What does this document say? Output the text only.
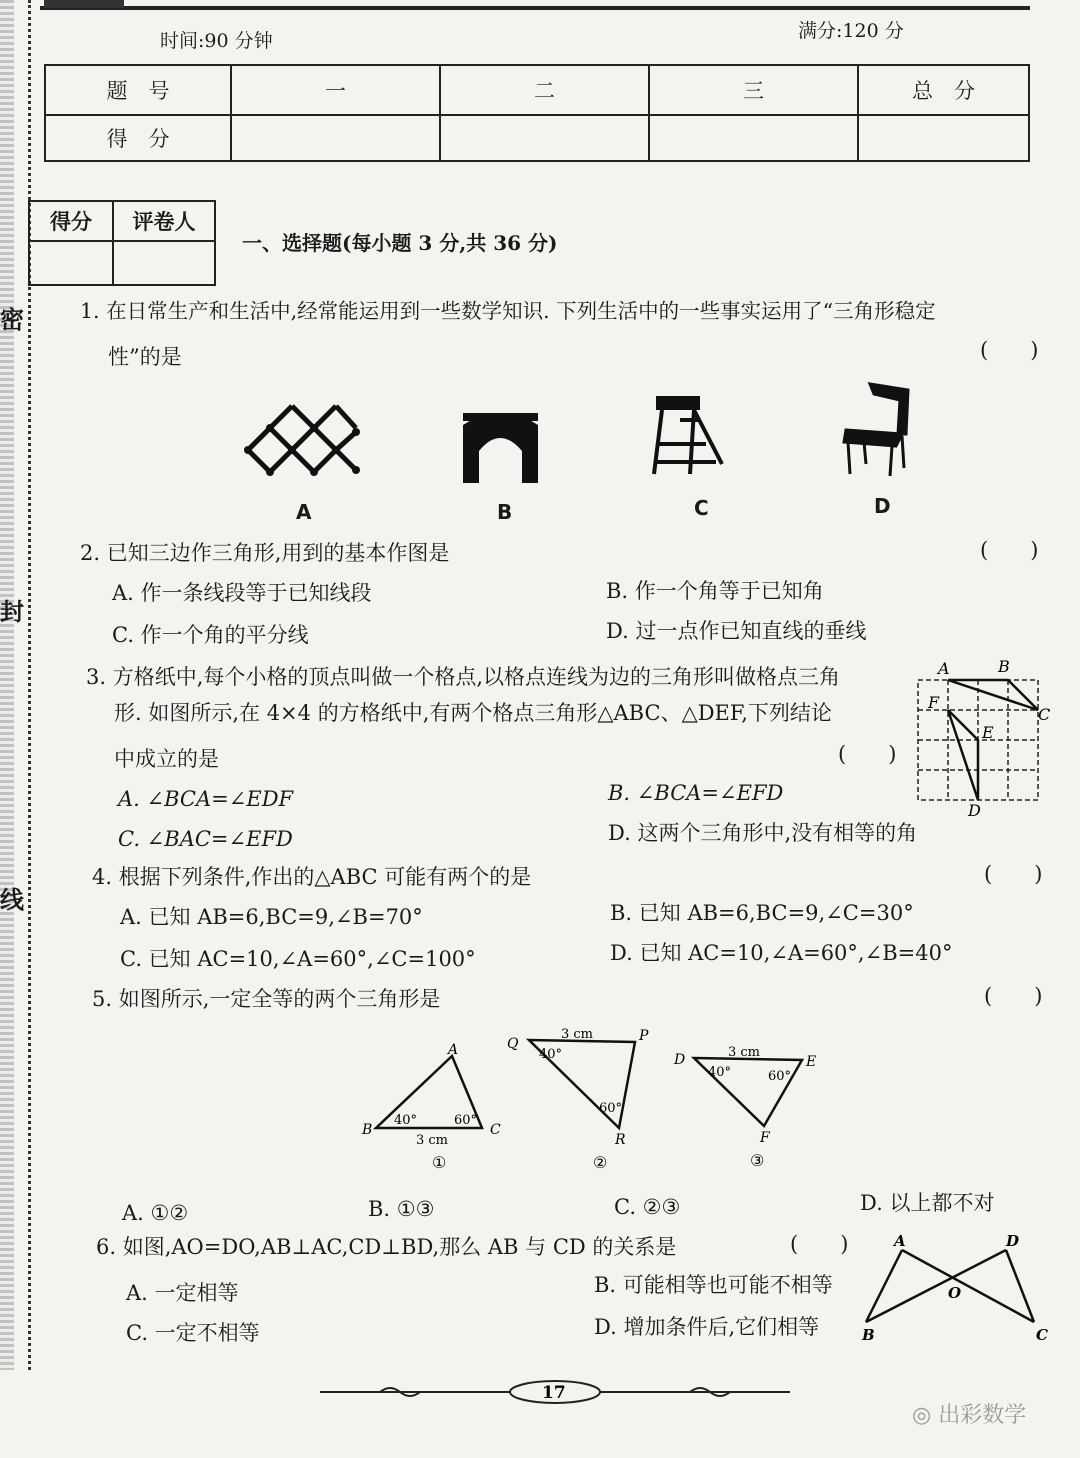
密
封
线
时间:90 分钟	满分:120 分
题　号	一	二	三	总　分
得　分				
得分	评卷人

一、选择题(每小题 3 分,共 36 分)
1. 在日常生产和生活中,经常能运用到一些数学知识. 下列生活中的一些事实运用了“三角形稳定
性”的是	(　　)
A	B	C	D
2. 已知三边作三角形,用到的基本作图是	(　　)
A. 作一条线段等于已知线段	B. 作一个角等于已知角
C. 作一个角的平分线	D. 过一点作已知直线的垂线
3. 方格纸中,每个小格的顶点叫做一个格点,以格点连线为边的三角形叫做格点三角
形. 如图所示,在 4×4 的方格纸中,有两个格点三角形△ABC、△DEF,下列结论
中成立的是	(　　)
A. ∠BCA=∠EDF	B. ∠BCA=∠EFD
C. ∠BAC=∠EFD	D. 这两个三角形中,没有相等的角
A	B
C
F
E
D
4. 根据下列条件,作出的△ABC 可能有两个的是	(　　)
A. 已知 AB=6,BC=9,∠B=70°	B. 已知 AB=6,BC=9,∠C=30°
C. 已知 AC=10,∠A=60°,∠C=100°	D. 已知 AC=10,∠A=60°,∠B=40°
5. 如图所示,一定全等的两个三角形是	(　　)
A
B	C
40°	60°
3 cm
①
Q	P
R
3 cm
40°
60°
②
D	E
F
3 cm
40°	60°
③
A. ①②	B. ①③	C. ②③	D. 以上都不对
6. 如图,AO=DO,AB⊥AC,CD⊥BD,那么 AB 与 CD 的关系是	(　　)
A. 一定相等	B. 可能相等也可能不相等
C. 一定不相等	D. 增加条件后,它们相等
A	D
B	C
O
17
◎ 出彩数学
